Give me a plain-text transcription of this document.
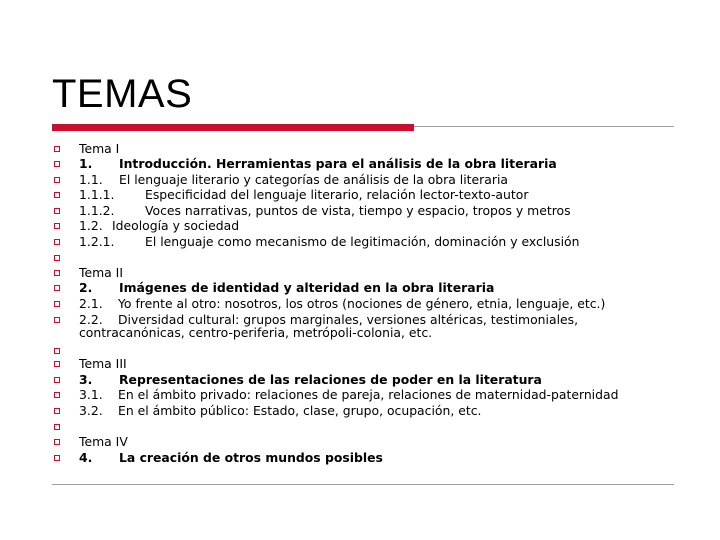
TEMAS
Tema I
1. Introducción. Herramientas para el análisis de la obra literaria
1.1. El lenguaje literario y categorías de análisis de la obra literaria
1.1.1. Especificidad del lenguaje literario, relación lector-texto-autor
1.1.2. Voces narrativas, puntos de vista, tiempo y espacio, tropos y metros
1.2. Ideología y sociedad
1.2.1. El lenguaje como mecanismo de legitimación, dominación y exclusión
Tema II
2. Imágenes de identidad y alteridad en la obra literaria
2.1. Yo frente al otro: nosotros, los otros (nociones de género, etnia, lenguaje, etc.)
2.2. Diversidad cultural: grupos marginales, versiones altéricas, testimoniales,
contracanónicas, centro-periferia, metrópoli-colonia, etc.
Tema III
3. Representaciones de las relaciones de poder en la literatura
3.1. En el ámbito privado: relaciones de pareja, relaciones de maternidad-paternidad
3.2. En el ámbito público: Estado, clase, grupo, ocupación, etc.
Tema IV
4. La creación de otros mundos posibles
